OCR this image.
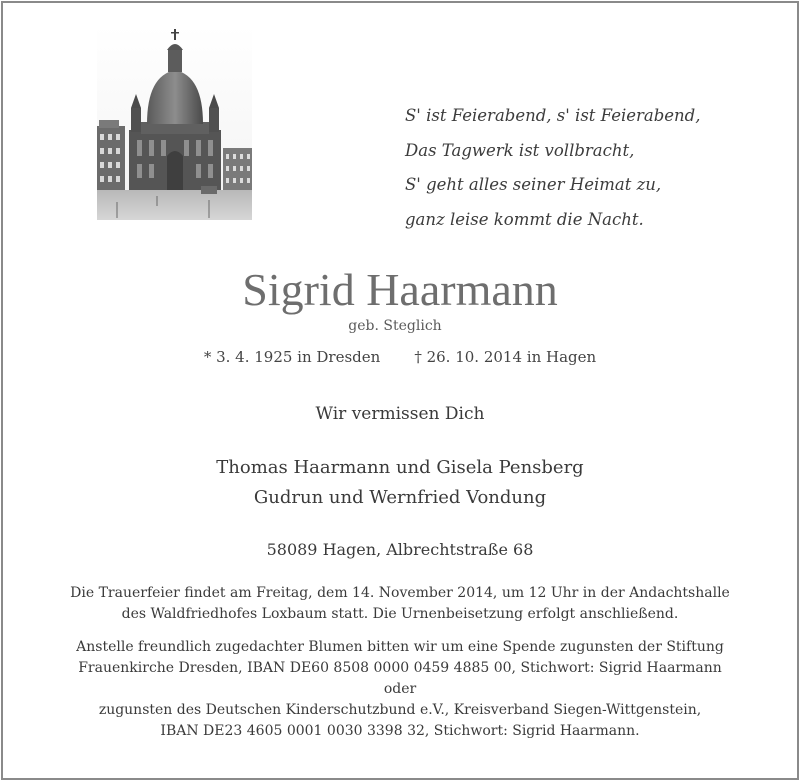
S' ist Feierabend, s' ist Feierabend,
Das Tagwerk ist vollbracht,
S' geht alles seiner Heimat zu,
ganz leise kommt die Nacht.
Sigrid Haarmann
geb. Steglich
* 3. 4. 1925 in Dresden † 26. 10. 2014 in Hagen
Wir vermissen Dich
Thomas Haarmann und Gisela Pensberg
Gudrun und Wernfried Vondung
58089 Hagen, Albrechtstraße 68
Die Trauerfeier findet am Freitag, dem 14. November 2014, um 12 Uhr in der Andachtshalle
des Waldfriedhofes Loxbaum statt. Die Urnenbeisetzung erfolgt anschließend.
Anstelle freundlich zugedachter Blumen bitten wir um eine Spende zugunsten der Stiftung
Frauenkirche Dresden, IBAN DE60 8508 0000 0459 4885 00, Stichwort: Sigrid Haarmann
oder
zugunsten des Deutschen Kinderschutzbund e.V., Kreisverband Siegen-Wittgenstein,
IBAN DE23 4605 0001 0030 3398 32, Stichwort: Sigrid Haarmann.
